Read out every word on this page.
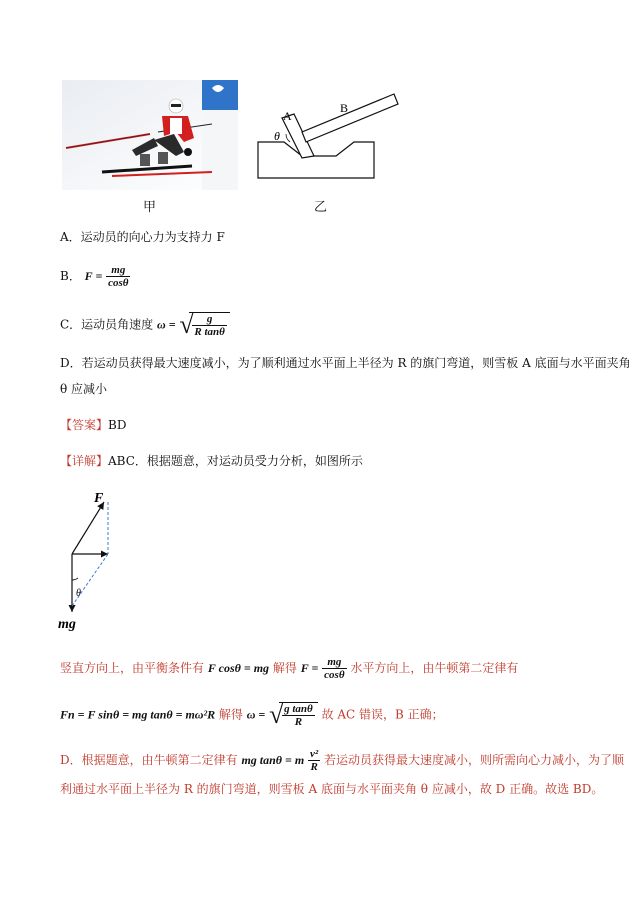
甲
A
B
θ
乙
A．运动员的向心力为支持力 F
B． $F = \frac{mg}{\cos\theta}$
C．运动员角速度 ω = √
$\frac{g}{\text{R tanθ}}$
D．若运动员获得最大速度减小，为了顺利通过水平面上半径为 R 的旗门弯道，则雪板 A 底面与水平面夹角
θ 应减小
【答案】BD
【详解】ABC．根据题意，对运动员受力分析，如图所示
F
θ
mg
竖直方向上，由平衡条件有 F cosθ = mg 解得 $F = \frac{mg}{\cos\theta}$ 水平方向上，由牛顿第二定律有
Fn = F sinθ = mg tanθ = mω²R 解得 ω = √
$\frac{\text{g tanθ}}{R}$ 故 AC 错误，B 正确；
D．根据题意，由牛顿第二定律有 mg tanθ = m $\frac{\text{v²}}{R}$ 若运动员获得最大速度减小，则所需向心力减小，为了顺
利通过水平面上半径为 R 的旗门弯道，则雪板 A 底面与水平面夹角 θ 应减小，故 D 正确。故选 BD。
